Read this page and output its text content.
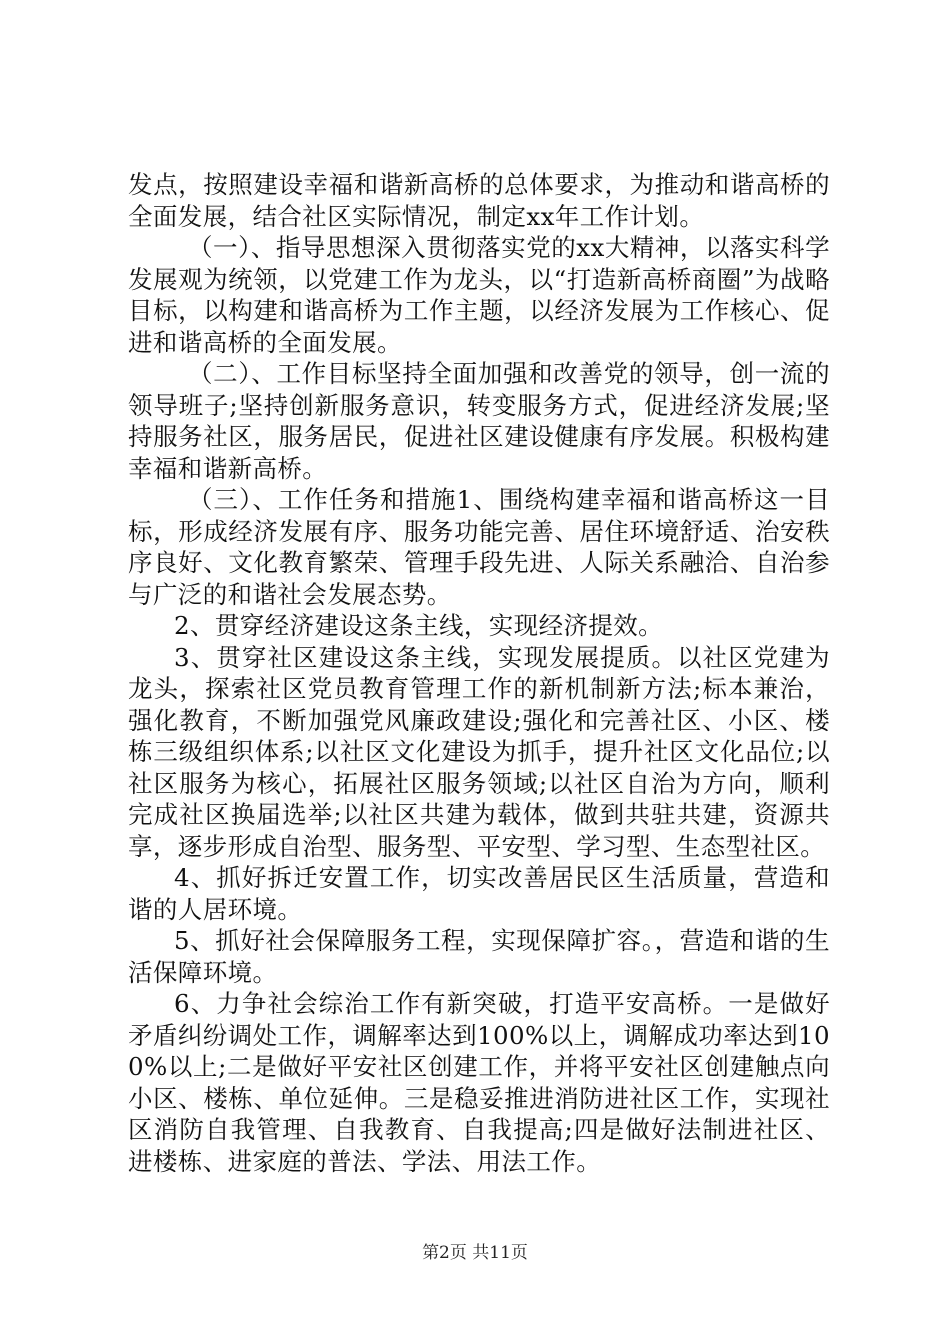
发点，按照建设幸福和谐新高桥的总体要求，为推动和谐高桥的全面发展，结合社区实际情况，制定xx年工作计划。

（一）、指导思想深入贯彻落实党的xx大精神，以落实科学发展观为统领，以党建工作为龙头，以“打造新高桥商圈”为战略目标，以构建和谐高桥为工作主题，以经济发展为工作核心、促进和谐高桥的全面发展。

（二）、工作目标坚持全面加强和改善党的领导，创一流的领导班子;坚持创新服务意识，转变服务方式，促进经济发展;坚持服务社区，服务居民，促进社区建设健康有序发展。积极构建幸福和谐新高桥。

（三）、工作任务和措施1、围绕构建幸福和谐高桥这一目标，形成经济发展有序、服务功能完善、居住环境舒适、治安秩序良好、文化教育繁荣、管理手段先进、人际关系融洽、自治参与广泛的和谐社会发展态势。

2、贯穿经济建设这条主线，实现经济提效。

3、贯穿社区建设这条主线，实现发展提质。以社区党建为龙头，探索社区党员教育管理工作的新机制新方法;标本兼治，强化教育，不断加强党风廉政建设;强化和完善社区、小区、楼栋三级组织体系;以社区文化建设为抓手，提升社区文化品位;以社区服务为核心，拓展社区服务领域;以社区自治为方向，顺利完成社区换届选举;以社区共建为载体，做到共驻共建，资源共享，逐步形成自治型、服务型、平安型、学习型、生态型社区。

4、抓好拆迁安置工作，切实改善居民区生活质量，营造和谐的人居环境。

5、抓好社会保障服务工程，实现保障扩容。，营造和谐的生活保障环境。

6、力争社会综治工作有新突破，打造平安高桥。一是做好矛盾纠纷调处工作，调解率达到100%以上，调解成功率达到100%以上;二是做好平安社区创建工作，并将平安社区创建触点向小区、楼栋、单位延伸。三是稳妥推进消防进社区工作，实现社区消防自我管理、自我教育、自我提高;四是做好法制进社区、进楼栋、进家庭的普法、学法、用法工作。

第2页 共11页
